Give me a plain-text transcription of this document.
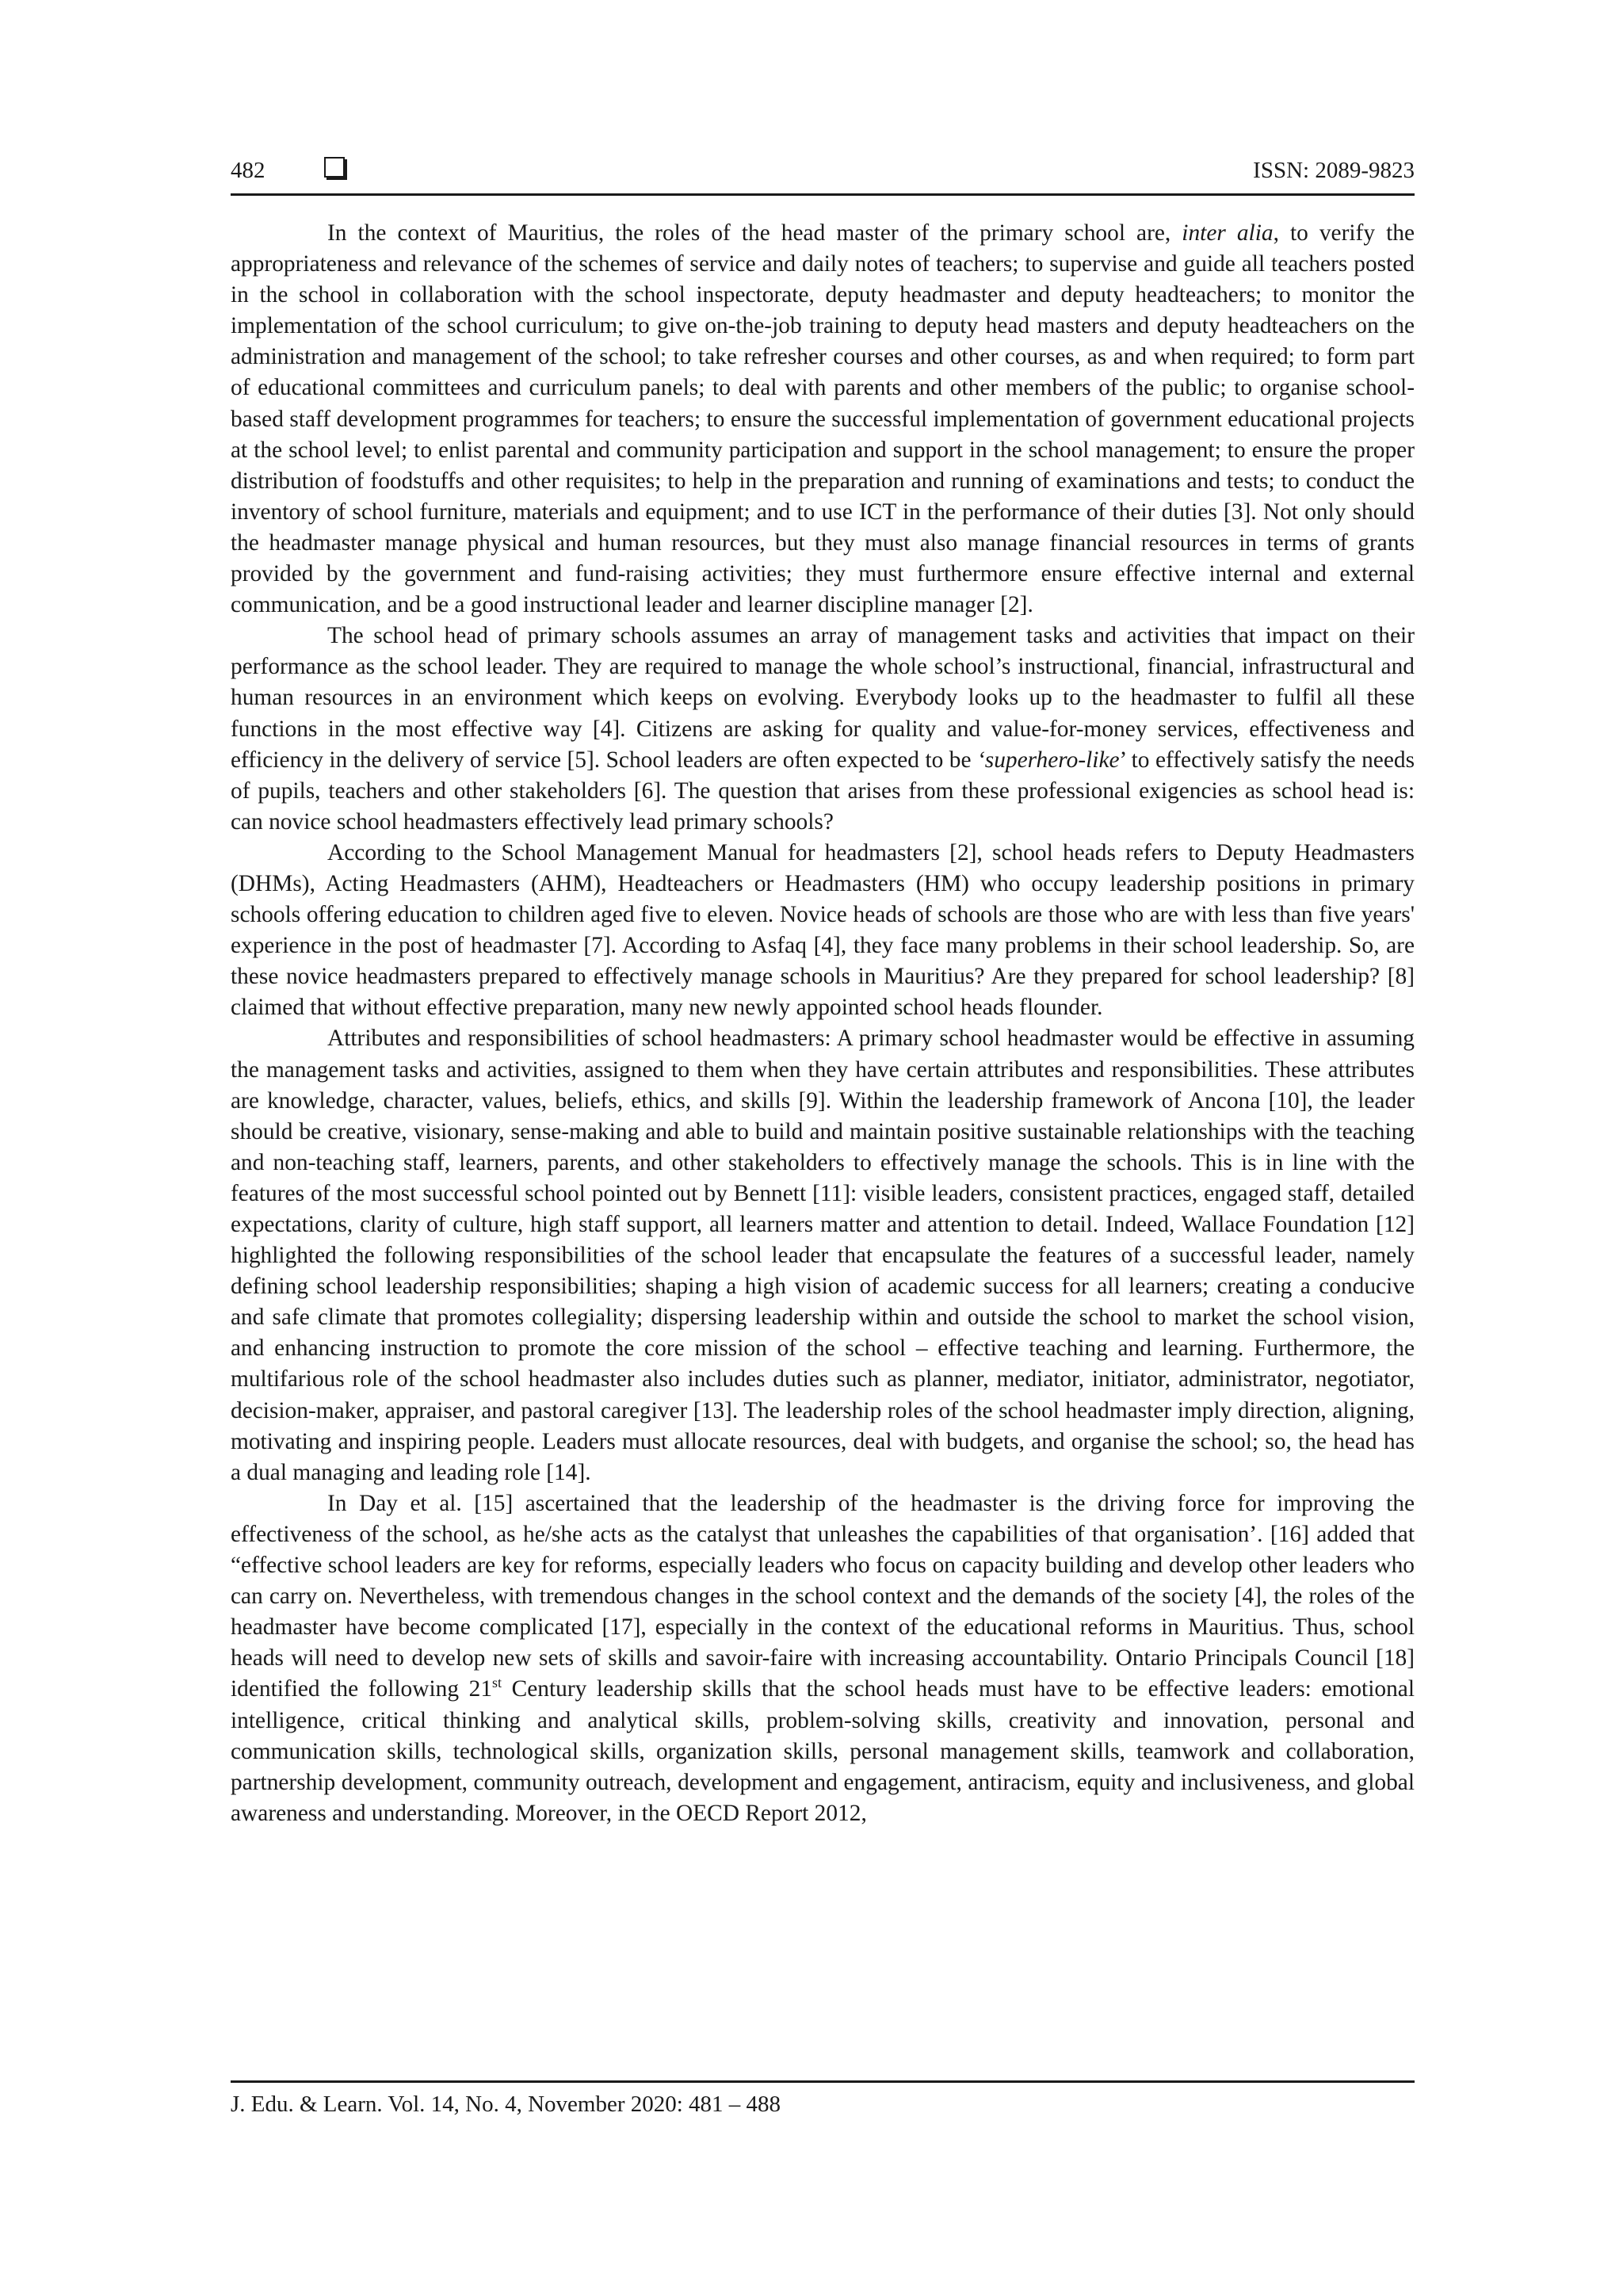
482	ISSN: 2089-9823

In the context of Mauritius, the roles of the head master of the primary school are, inter alia, to verify the appropriateness and relevance of the schemes of service and daily notes of teachers; to supervise and guide all teachers posted in the school in collaboration with the school inspectorate, deputy headmaster and deputy headteachers; to monitor the implementation of the school curriculum; to give on-the-job training to deputy head masters and deputy headteachers on the administration and management of the school; to take refresher courses and other courses, as and when required; to form part of educational committees and curriculum panels; to deal with parents and other members of the public; to organise school-based staff development programmes for teachers; to ensure the successful implementation of government educational projects at the school level; to enlist parental and community participation and support in the school management; to ensure the proper distribution of foodstuffs and other requisites; to help in the preparation and running of examinations and tests; to conduct the inventory of school furniture, materials and equipment; and to use ICT in the performance of their duties [3]. Not only should the headmaster manage physical and human resources, but they must also manage financial resources in terms of grants provided by the government and fund-raising activities; they must furthermore ensure effective internal and external communication, and be a good instructional leader and learner discipline manager [2].

The school head of primary schools assumes an array of management tasks and activities that impact on their performance as the school leader. They are required to manage the whole school’s instructional, financial, infrastructural and human resources in an environment which keeps on evolving. Everybody looks up to the headmaster to fulfil all these functions in the most effective way [4]. Citizens are asking for quality and value-for-money services, effectiveness and efficiency in the delivery of service [5]. School leaders are often expected to be ‘superhero-like’ to effectively satisfy the needs of pupils, teachers and other stakeholders [6]. The question that arises from these professional exigencies as school head is: can novice school headmasters effectively lead primary schools?

According to the School Management Manual for headmasters [2], school heads refers to Deputy Headmasters (DHMs), Acting Headmasters (AHM), Headteachers or Headmasters (HM) who occupy leadership positions in primary schools offering education to children aged five to eleven. Novice heads of schools are those who are with less than five years' experience in the post of headmaster [7]. According to Asfaq [4], they face many problems in their school leadership. So, are these novice headmasters prepared to effectively manage schools in Mauritius? Are they prepared for school leadership? [8] claimed that without effective preparation, many new newly appointed school heads flounder.

Attributes and responsibilities of school headmasters: A primary school headmaster would be effective in assuming the management tasks and activities, assigned to them when they have certain attributes and responsibilities. These attributes are knowledge, character, values, beliefs, ethics, and skills [9]. Within the leadership framework of Ancona [10], the leader should be creative, visionary, sense-making and able to build and maintain positive sustainable relationships with the teaching and non-teaching staff, learners, parents, and other stakeholders to effectively manage the schools. This is in line with the features of the most successful school pointed out by Bennett [11]: visible leaders, consistent practices, engaged staff, detailed expectations, clarity of culture, high staff support, all learners matter and attention to detail. Indeed, Wallace Foundation [12] highlighted the following responsibilities of the school leader that encapsulate the features of a successful leader, namely defining school leadership responsibilities; shaping a high vision of academic success for all learners; creating a conducive and safe climate that promotes collegiality; dispersing leadership within and outside the school to market the school vision, and enhancing instruction to promote the core mission of the school – effective teaching and learning. Furthermore, the multifarious role of the school headmaster also includes duties such as planner, mediator, initiator, administrator, negotiator, decision-maker, appraiser, and pastoral caregiver [13]. The leadership roles of the school headmaster imply direction, aligning, motivating and inspiring people. Leaders must allocate resources, deal with budgets, and organise the school; so, the head has a dual managing and leading role [14].

In Day et al. [15] ascertained that the leadership of the headmaster is the driving force for improving the effectiveness of the school, as he/she acts as the catalyst that unleashes the capabilities of that organisation’. [16] added that “effective school leaders are key for reforms, especially leaders who focus on capacity building and develop other leaders who can carry on. Nevertheless, with tremendous changes in the school context and the demands of the society [4], the roles of the headmaster have become complicated [17], especially in the context of the educational reforms in Mauritius. Thus, school heads will need to develop new sets of skills and savoir-faire with increasing accountability. Ontario Principals Council [18] identified the following 21st Century leadership skills that the school heads must have to be effective leaders: emotional intelligence, critical thinking and analytical skills, problem-solving skills, creativity and innovation, personal and communication skills, technological skills, organization skills, personal management skills, teamwork and collaboration, partnership development, community outreach, development and engagement, antiracism, equity and inclusiveness, and global awareness and understanding. Moreover, in the OECD Report 2012,

J. Edu. & Learn. Vol. 14, No. 4, November 2020: 481 – 488
